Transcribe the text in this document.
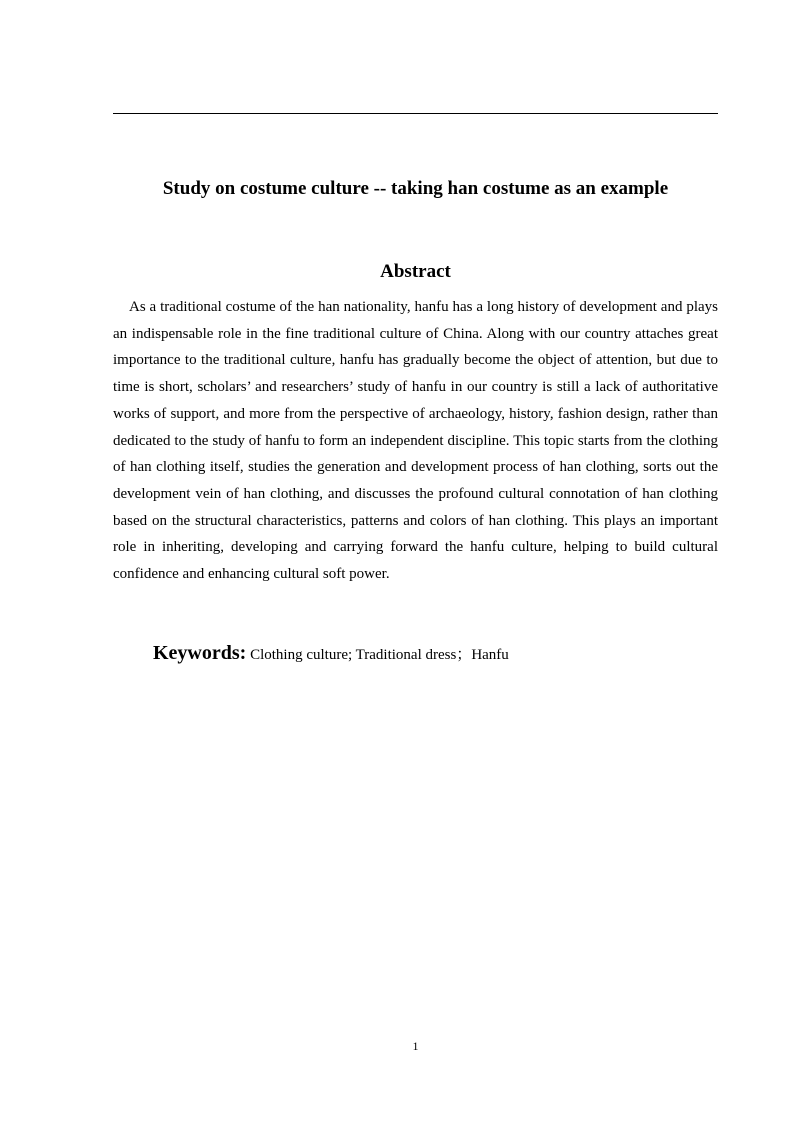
Study on costume culture -- taking han costume as an example
Abstract

As a traditional costume of the han nationality, hanfu has a long history of development and plays an indispensable role in the fine traditional culture of China. Along with our country attaches great importance to the traditional culture, hanfu has gradually become the object of attention, but due to time is short, scholars’ and researchers’ study of hanfu in our country is still a lack of authoritative works of support, and more from the perspective of archaeology, history, fashion design, rather than dedicated to the study of hanfu to form an independent discipline. This topic starts from the clothing of han clothing itself, studies the generation and development process of han clothing, sorts out the development vein of han clothing, and discusses the profound cultural connotation of han clothing based on the structural characteristics, patterns and colors of han clothing. This plays an important role in inheriting, developing and carrying forward the hanfu culture, helping to build cultural confidence and enhancing cultural soft power.

Keywords: Clothing culture; Traditional dress；Hanfu

1
